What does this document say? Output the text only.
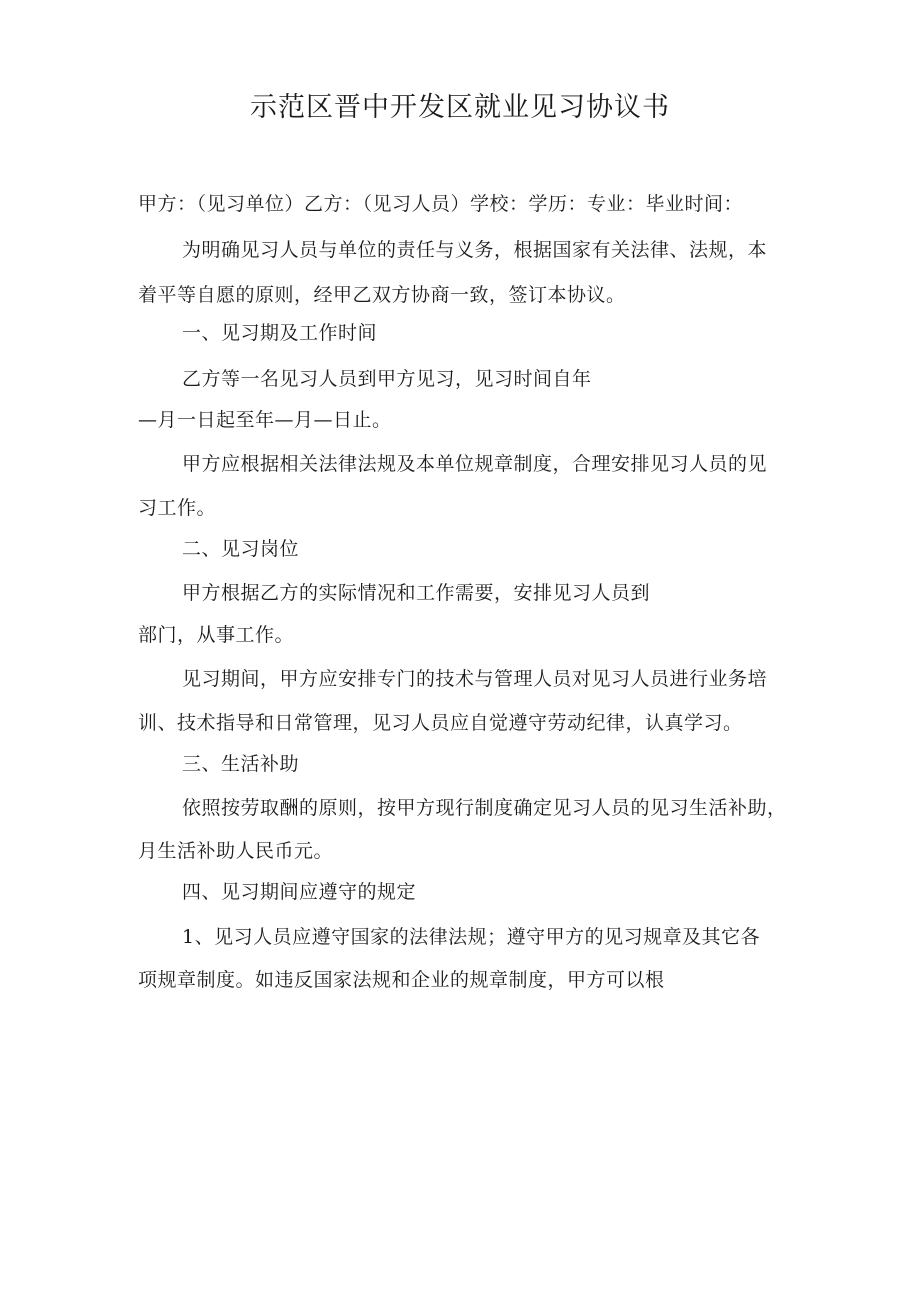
示范区晋中开发区就业见习协议书
甲方：（见习单位）乙方：（见习人员）学校：学历：专业：毕业时间：
为明确见习人员与单位的责任与义务，根据国家有关法律、法规，本
着平等自愿的原则，经甲乙双方协商一致，签订本协议。
一、见习期及工作时间
乙方等一名见习人员到甲方见习，见习时间自年
—月一日起至年—月—日止。
甲方应根据相关法律法规及本单位规章制度，合理安排见习人员的见
习工作。
二、见习岗位
甲方根据乙方的实际情况和工作需要，安排见习人员到
部门，从事工作。
见习期间，甲方应安排专门的技术与管理人员对见习人员进行业务培
训、技术指导和日常管理，见习人员应自觉遵守劳动纪律，认真学习。
三、生活补助
依照按劳取酬的原则，按甲方现行制度确定见习人员的见习生活补助，
月生活补助人民币元。
四、见习期间应遵守的规定
1、见习人员应遵守国家的法律法规；遵守甲方的见习规章及其它各
项规章制度。如违反国家法规和企业的规章制度，甲方可以根
